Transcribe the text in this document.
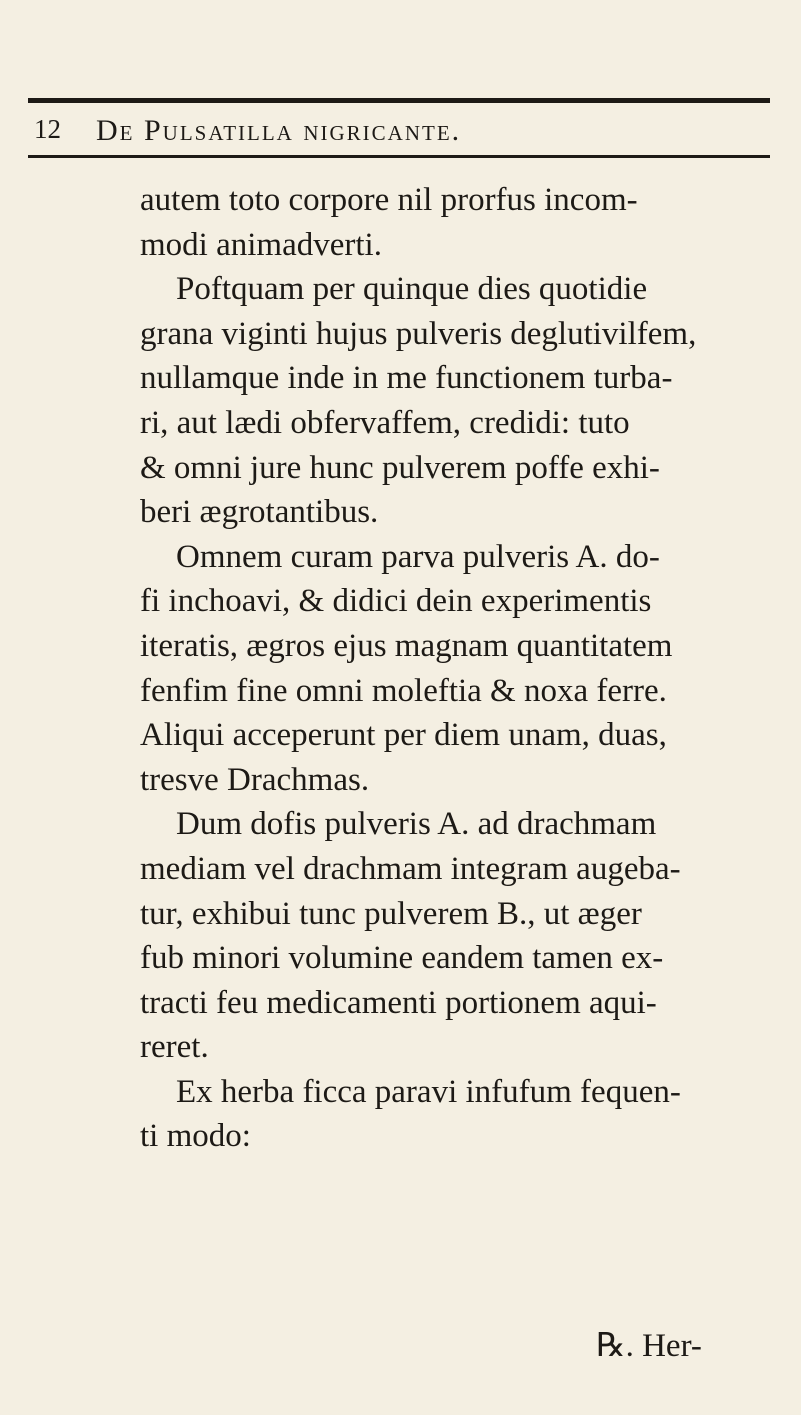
12 De Pulsatilla nigricante.
autem toto corpore nil prorfus incom-
modi animadverti.
Poftquam per quinque dies quotidie
grana viginti hujus pulveris deglutivilfem,
nullamque inde in me functionem turba-
ri, aut lædi obfervaffem, credidi: tuto
& omni jure hunc pulverem poffe exhi-
beri ægrotantibus.
Omnem curam parva pulveris A. do-
fi inchoavi, & didici dein experimentis
iteratis, ægros ejus magnam quantitatem
fenfim fine omni moleftia & noxa ferre.
Aliqui acceperunt per diem unam, duas,
tresve Drachmas.
Dum dofis pulveris A. ad drachmam
mediam vel drachmam integram augeba-
tur, exhibui tunc pulverem B., ut æger
fub minori volumine eandem tamen ex-
tracti feu medicamenti portionem aqui-
reret.
Ex herba ficca paravi infufum fequen-
ti modo:
℞. Her-
